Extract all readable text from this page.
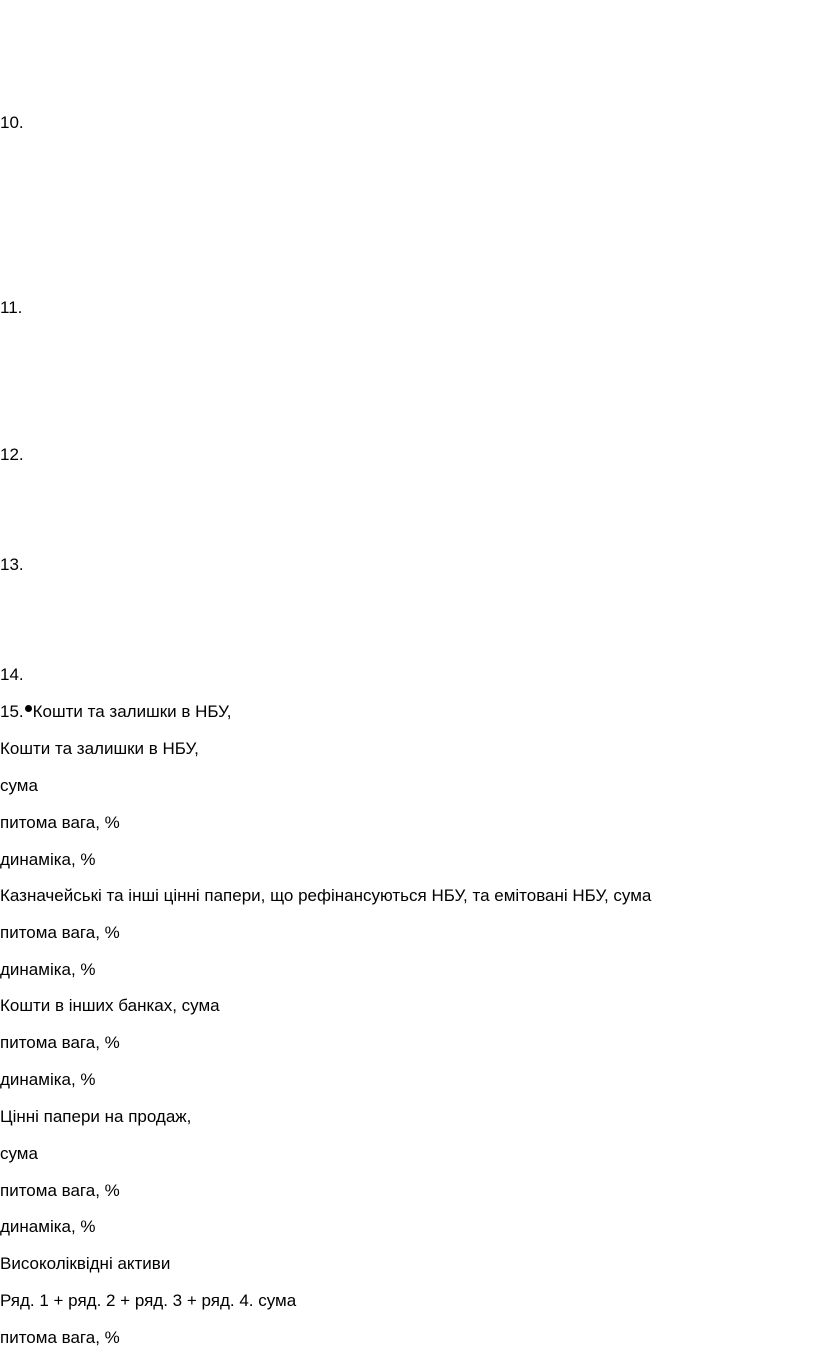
10.
11.
12.
13.
14.
15. Кошти та залишки в НБУ,
Кошти та залишки в НБУ,
сума
питома вага, %
динаміка, %
Казначейські та інші цінні папери, що рефінансуються НБУ, та емітовані НБУ, сума
питома вага, %
динаміка, %
Кошти в інших банках, сума
питома вага, %
динаміка, %
Цінні папери на продаж,
сума
питома вага, %
динаміка, %
Високоліквідні активи
Ряд. 1 + ряд. 2 + ряд. 3 + ряд. 4. сума
питома вага, %
